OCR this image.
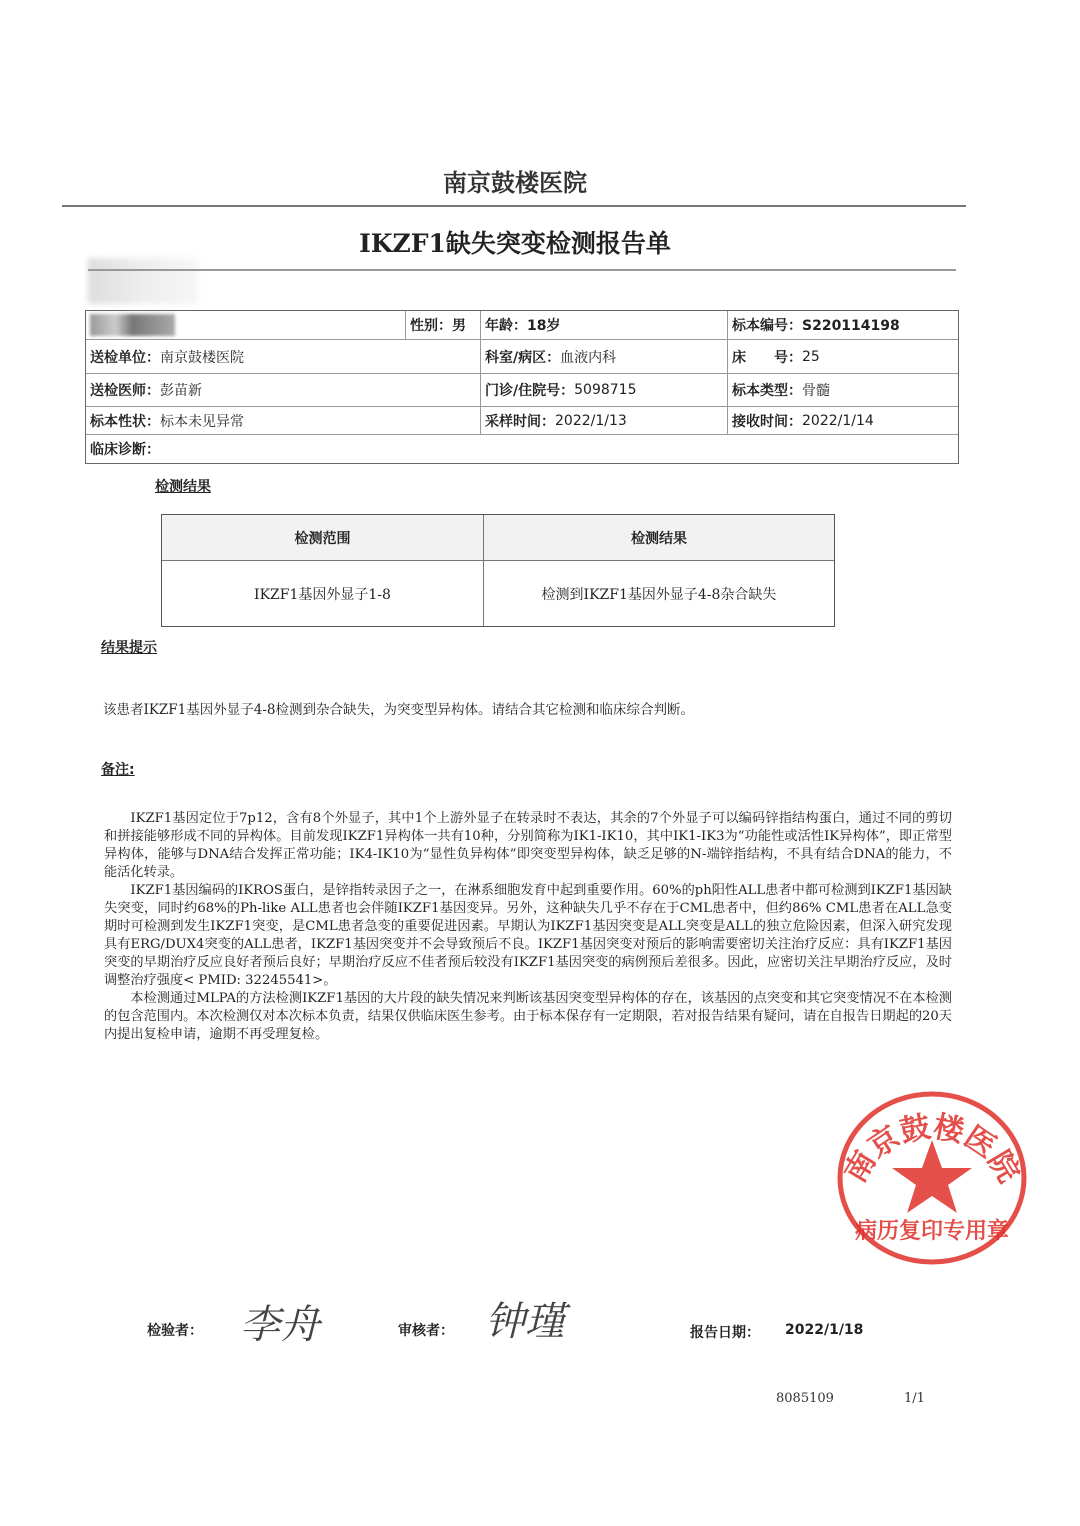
南京鼓楼医院
IKZF1缺失突变检测报告单
性别：男 年龄：18岁	标本编号：S220114198
送检单位： 南京鼓楼医院	科室/病区： 血液内科	床　　号： 25
送检医师： 彭苗新	门诊/住院号： 5098715	标本类型： 骨髓
标本性状： 标本未见异常	采样时间： 2022/1/13	接收时间： 2022/1/14
临床诊断：
检测结果
检测范围	检测结果
IKZF1基因外显子1-8	检测到IKZF1基因外显子4-8杂合缺失
结果提示
该患者IKZF1基因外显子4-8检测到杂合缺失，为突变型异构体。请结合其它检测和临床综合判断。
备注:

IKZF1基因定位于7p12，含有8个外显子，其中1个上游外显子在转录时不表达，其余的7个外显子可以编码锌指结构蛋白，通过不同的剪切和拼接能够形成不同的异构体。目前发现IKZF1异构体一共有10种，分别简称为IK1-IK10，其中IK1-IK3为“功能性或活性IK异构体”，即正常型异构体，能够与DNA结合发挥正常功能；IK4-IK10为“显性负异构体”即突变型异构体，缺乏足够的N-端锌指结构，不具有结合DNA的能力，不能活化转录。

IKZF1基因编码的IKROS蛋白，是锌指转录因子之一，在淋系细胞发育中起到重要作用。60%的ph阳性ALL患者中都可检测到IKZF1基因缺失突变，同时约68%的Ph-like ALL患者也会伴随IKZF1基因变异。另外，这种缺失几乎不存在于CML患者中，但约86% CML患者在ALL急变期时可检测到发生IKZF1突变，是CML患者急变的重要促进因素。早期认为IKZF1基因突变是ALL突变是ALL的独立危险因素，但深入研究发现具有ERG/DUX4突变的ALL患者，IKZF1基因突变并不会导致预后不良。IKZF1基因突变对预后的影响需要密切关注治疗反应：具有IKZF1基因突变的早期治疗反应良好者预后良好；早期治疗反应不佳者预后较没有IKZF1基因突变的病例预后差很多。因此，应密切关注早期治疗反应，及时调整治疗强度< PMID: 32245541>。

本检测通过MLPA的方法检测IKZF1基因的大片段的缺失情况来判断该基因突变型异构体的存在，该基因的点突变和其它突变情况不在本检测的包含范围内。本次检测仅对本次标本负责，结果仅供临床医生参考。由于标本保存有一定期限，若对报告结果有疑问，请在自报告日期起的20天内提出复检申请，逾期不再受理复检。

南京鼓楼医院
病历复印专用章
检验者： 李舟	审核者： 钟瑾	报告日期： 2022/1/18
8085109	1/1
